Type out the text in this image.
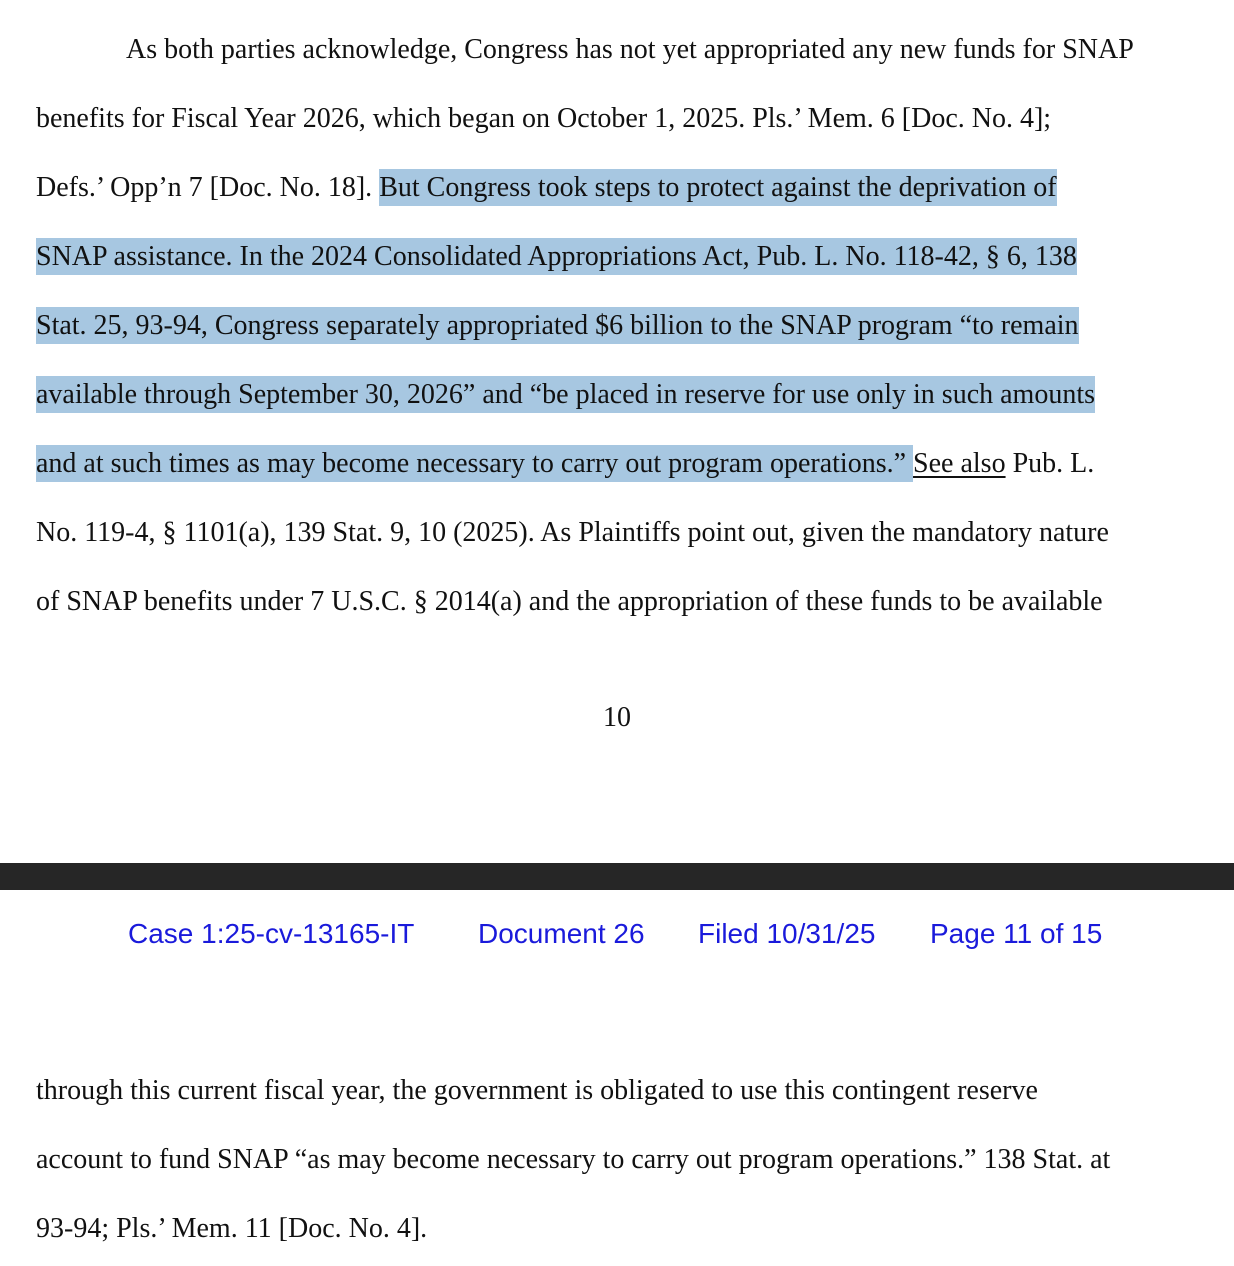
As both parties acknowledge, Congress has not yet appropriated any new funds for SNAP
benefits for Fiscal Year 2026, which began on October 1, 2025. Pls.’ Mem. 6 [Doc. No. 4];
Defs.’ Opp’n 7 [Doc. No. 18]. But Congress took steps to protect against the deprivation of
SNAP assistance. In the 2024 Consolidated Appropriations Act, Pub. L. No. 118-42, § 6, 138
Stat. 25, 93-94, Congress separately appropriated $6 billion to the SNAP program “to remain
available through September 30, 2026” and “be placed in reserve for use only in such amounts
and at such times as may become necessary to carry out program operations.” See also Pub. L.
No. 119-4, § 1101(a), 139 Stat. 9, 10 (2025). As Plaintiffs point out, given the mandatory nature
of SNAP benefits under 7 U.S.C. § 2014(a) and the appropriation of these funds to be available
10
Case 1:25-cv-13165-IT Document 26 Filed 10/31/25 Page 11 of 15
through this current fiscal year, the government is obligated to use this contingent reserve
account to fund SNAP “as may become necessary to carry out program operations.” 138 Stat. at
93-94; Pls.’ Mem. 11 [Doc. No. 4].
